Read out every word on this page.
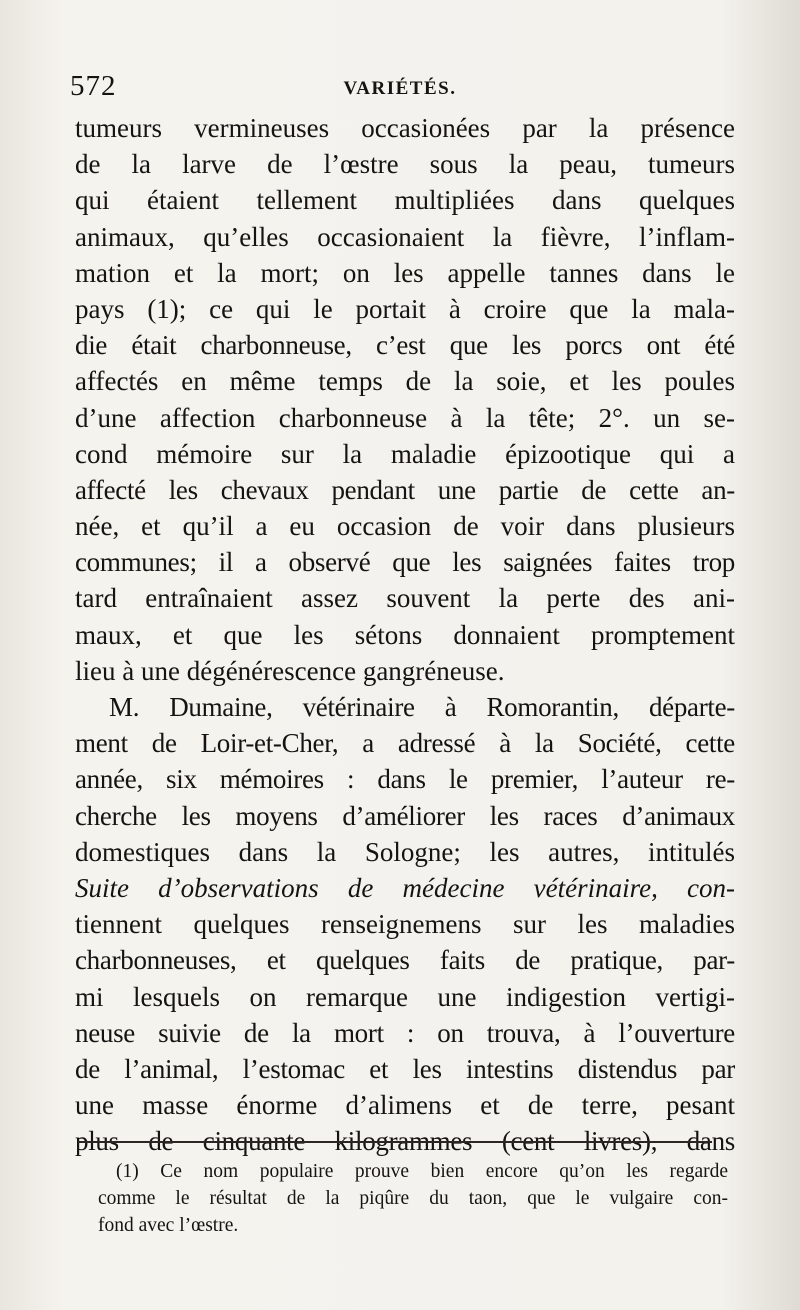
572	VARIÉTÉS.
tumeurs vermineuses occasionées par la présence
de la larve de l’œstre sous la peau, tumeurs
qui étaient tellement multipliées dans quelques
animaux, qu’elles occasionaient la fièvre, l’inflam-
mation et la mort; on les appelle tannes dans le
pays (1); ce qui le portait à croire que la mala-
die était charbonneuse, c’est que les porcs ont été
affectés en même temps de la soie, et les poules
d’une affection charbonneuse à la tête; 2°. un se-
cond mémoire sur la maladie épizootique qui a
affecté les chevaux pendant une partie de cette an-
née, et qu’il a eu occasion de voir dans plusieurs
communes; il a observé que les saignées faites trop
tard entraînaient assez souvent la perte des ani-
maux, et que les sétons donnaient promptement
lieu à une dégénérescence gangréneuse.
M. Dumaine, vétérinaire à Romorantin, départe-
ment de Loir-et-Cher, a adressé à la Société, cette
année, six mémoires : dans le premier, l’auteur re-
cherche les moyens d’améliorer les races d’animaux
domestiques dans la Sologne; les autres, intitulés
Suite d’observations de médecine vétérinaire, con-
tiennent quelques renseignemens sur les maladies
charbonneuses, et quelques faits de pratique, par-
mi lesquels on remarque une indigestion vertigi-
neuse suivie de la mort : on trouva, à l’ouverture
de l’animal, l’estomac et les intestins distendus par
une masse énorme d’alimens et de terre, pesant
plus de cinquante kilogrammes (cent livres), dans
(1) Ce nom populaire prouve bien encore qu’on les regarde
comme le résultat de la piqûre du taon, que le vulgaire con-
fond avec l’œstre.
